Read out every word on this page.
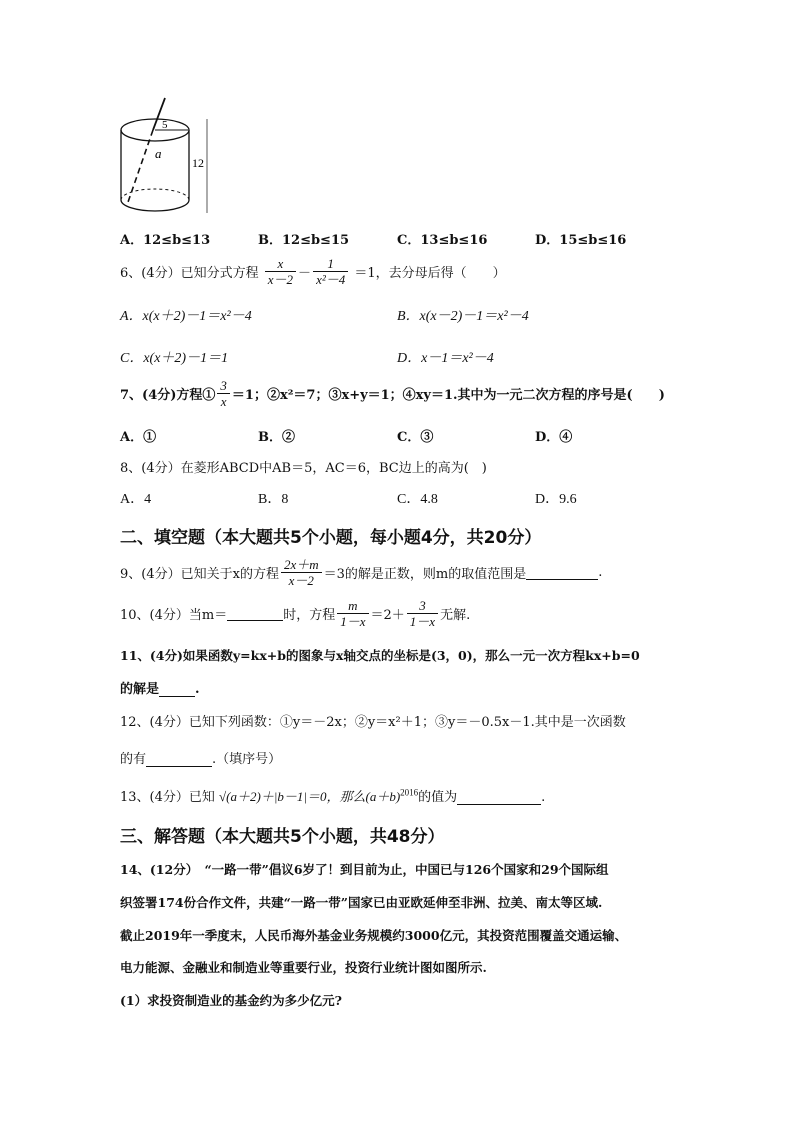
5
a
12
A．12≤b≤13	B．12≤b≤15	C．13≤b≤16	D．15≤b≤16
6、(4分）已知分式方程 $\frac{x}{x-2} - \frac{1}{\text{x²－4}} =1$，去分母后得（　　）
A．x(x＋2)－1＝x²－4	B．x(x－2)－1＝x²－4
C．x(x＋2)－1＝1	D．x－1＝x²－4
7、(4分)方程① $\frac{3}{x} =1$；②x²＝7；③x+y＝1；④xy＝1.其中为一元二次方程的序号是(　　)
A．①	B．②	C．③	D．④
8、(4分）在菱形ABCD中AB＝5，AC＝6，BC边上的高为(　)
A．4	B．8	C．4.8	D．9.6
二、填空题（本大题共5个小题，每小题4分，共20分）
9、(4分）已知关于x的方程 $\frac{2x+m}{x-2} =3$的解是正数，则m的取值范围是	.
10、(4分）当m＝	时，方程 $\frac{m}{1-x} =2+ \frac{3}{1-x}$ 无解.
11、(4分)如果函数y=kx+b的图象与x轴交点的坐标是(3，0)，那么一元一次方程kx+b=0
的解是	.
12、(4分）已知下列函数：①y＝－2x；②y＝x²＋1；③y＝－0.5x－1.其中是一次函数
的有	.（填序号）
13、(4分）已知 √(a＋2)＋|b－1|＝0，那么$(a+b)^{2016}$的值为	.
三、解答题（本大题共5个小题，共48分）
14、(12分）　“一路一带”倡议6岁了！到目前为止，中国已与126个国家和29个国际组
织签署174份合作文件，共建“一路一带”国家已由亚欧延伸至非洲、拉美、南太等区域.
截止2019年一季度末，人民币海外基金业务规模约3000亿元，其投资范围覆盖交通运输、
电力能源、金融业和制造业等重要行业，投资行业统计图如图所示.
(1）求投资制造业的基金约为多少亿元?
